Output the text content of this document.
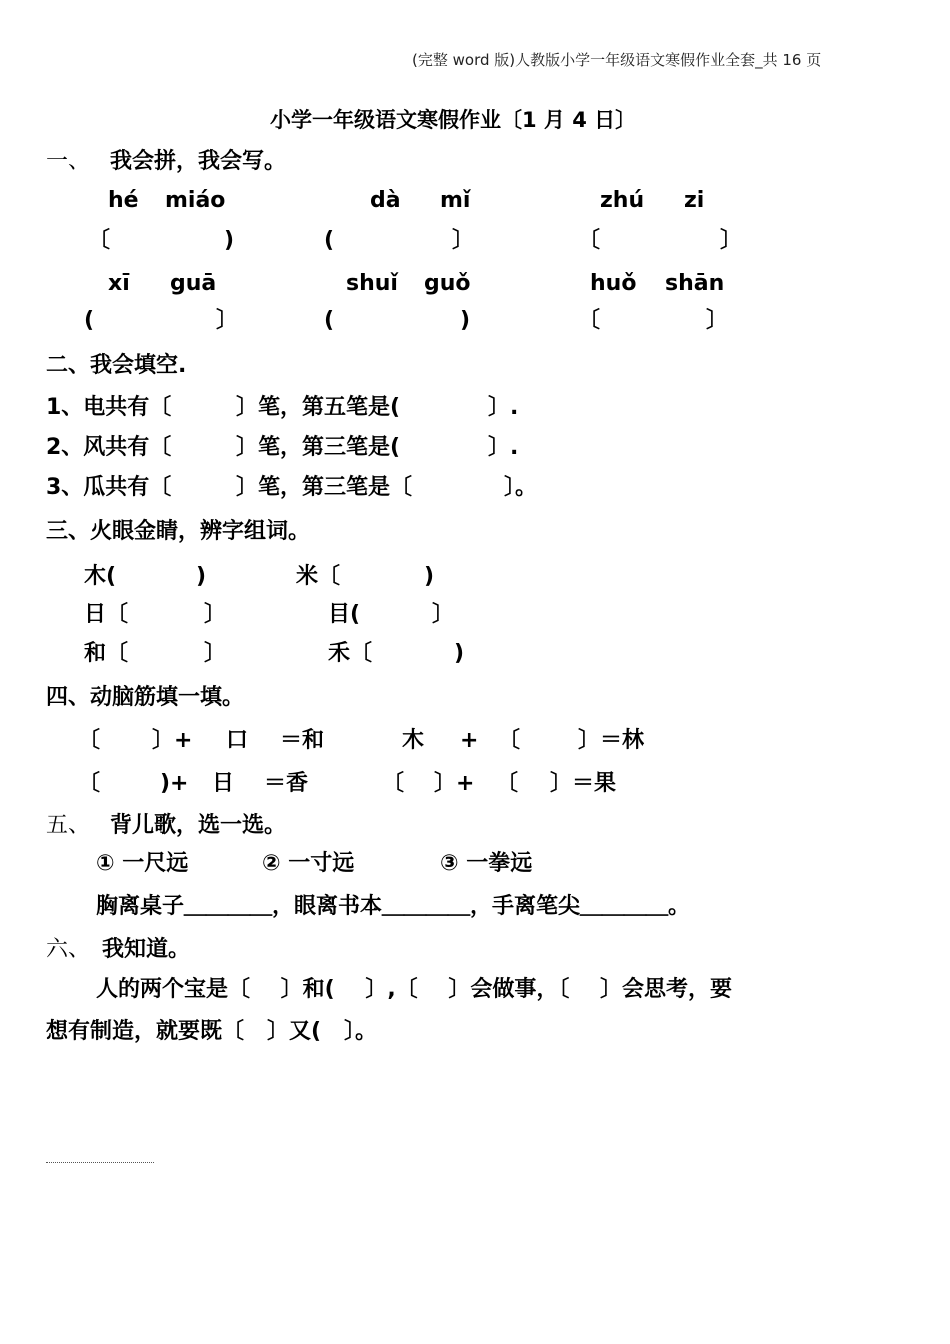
(完整 word 版)人教版小学一年级语文寒假作业全套_共 16 页
小学一年级语文寒假作业〔1 月 4 日〕
一、 我会拼，我会写。
hé miáo	dà mǐ	zhú zi
〔	)	(	〕	〔	〕
xī guā	shuǐ guǒ	huǒ shān
(	〕	(	)	〔	〕
二、我会填空.
1、电共有〔	〕笔，第五笔是(	〕.
2、风共有〔	〕笔，第三笔是(	〕.
3、瓜共有〔	〕笔，第三笔是〔	〕。
三、火眼金睛，辨字组词。
木(	)	米〔	)
日〔	〕	目(	〕
和〔	〕	禾〔	)
四、动脑筋填一填。
〔 〕+ 口 ＝和	木 + 〔	〕＝林
〔	)+ 日 ＝香	〔 〕+ 〔 〕＝果
五、 背儿歌，选一选。
① 一尺远	② 一寸远	③ 一拳远
胸离桌子＿＿＿＿，眼离书本＿＿＿＿，手离笔尖＿＿＿＿。
六、 我知道。
人的两个宝是〔    〕和(    〕,〔    〕会做事，〔    〕会思考，要
想有制造，就要既〔   〕又(   〕。
